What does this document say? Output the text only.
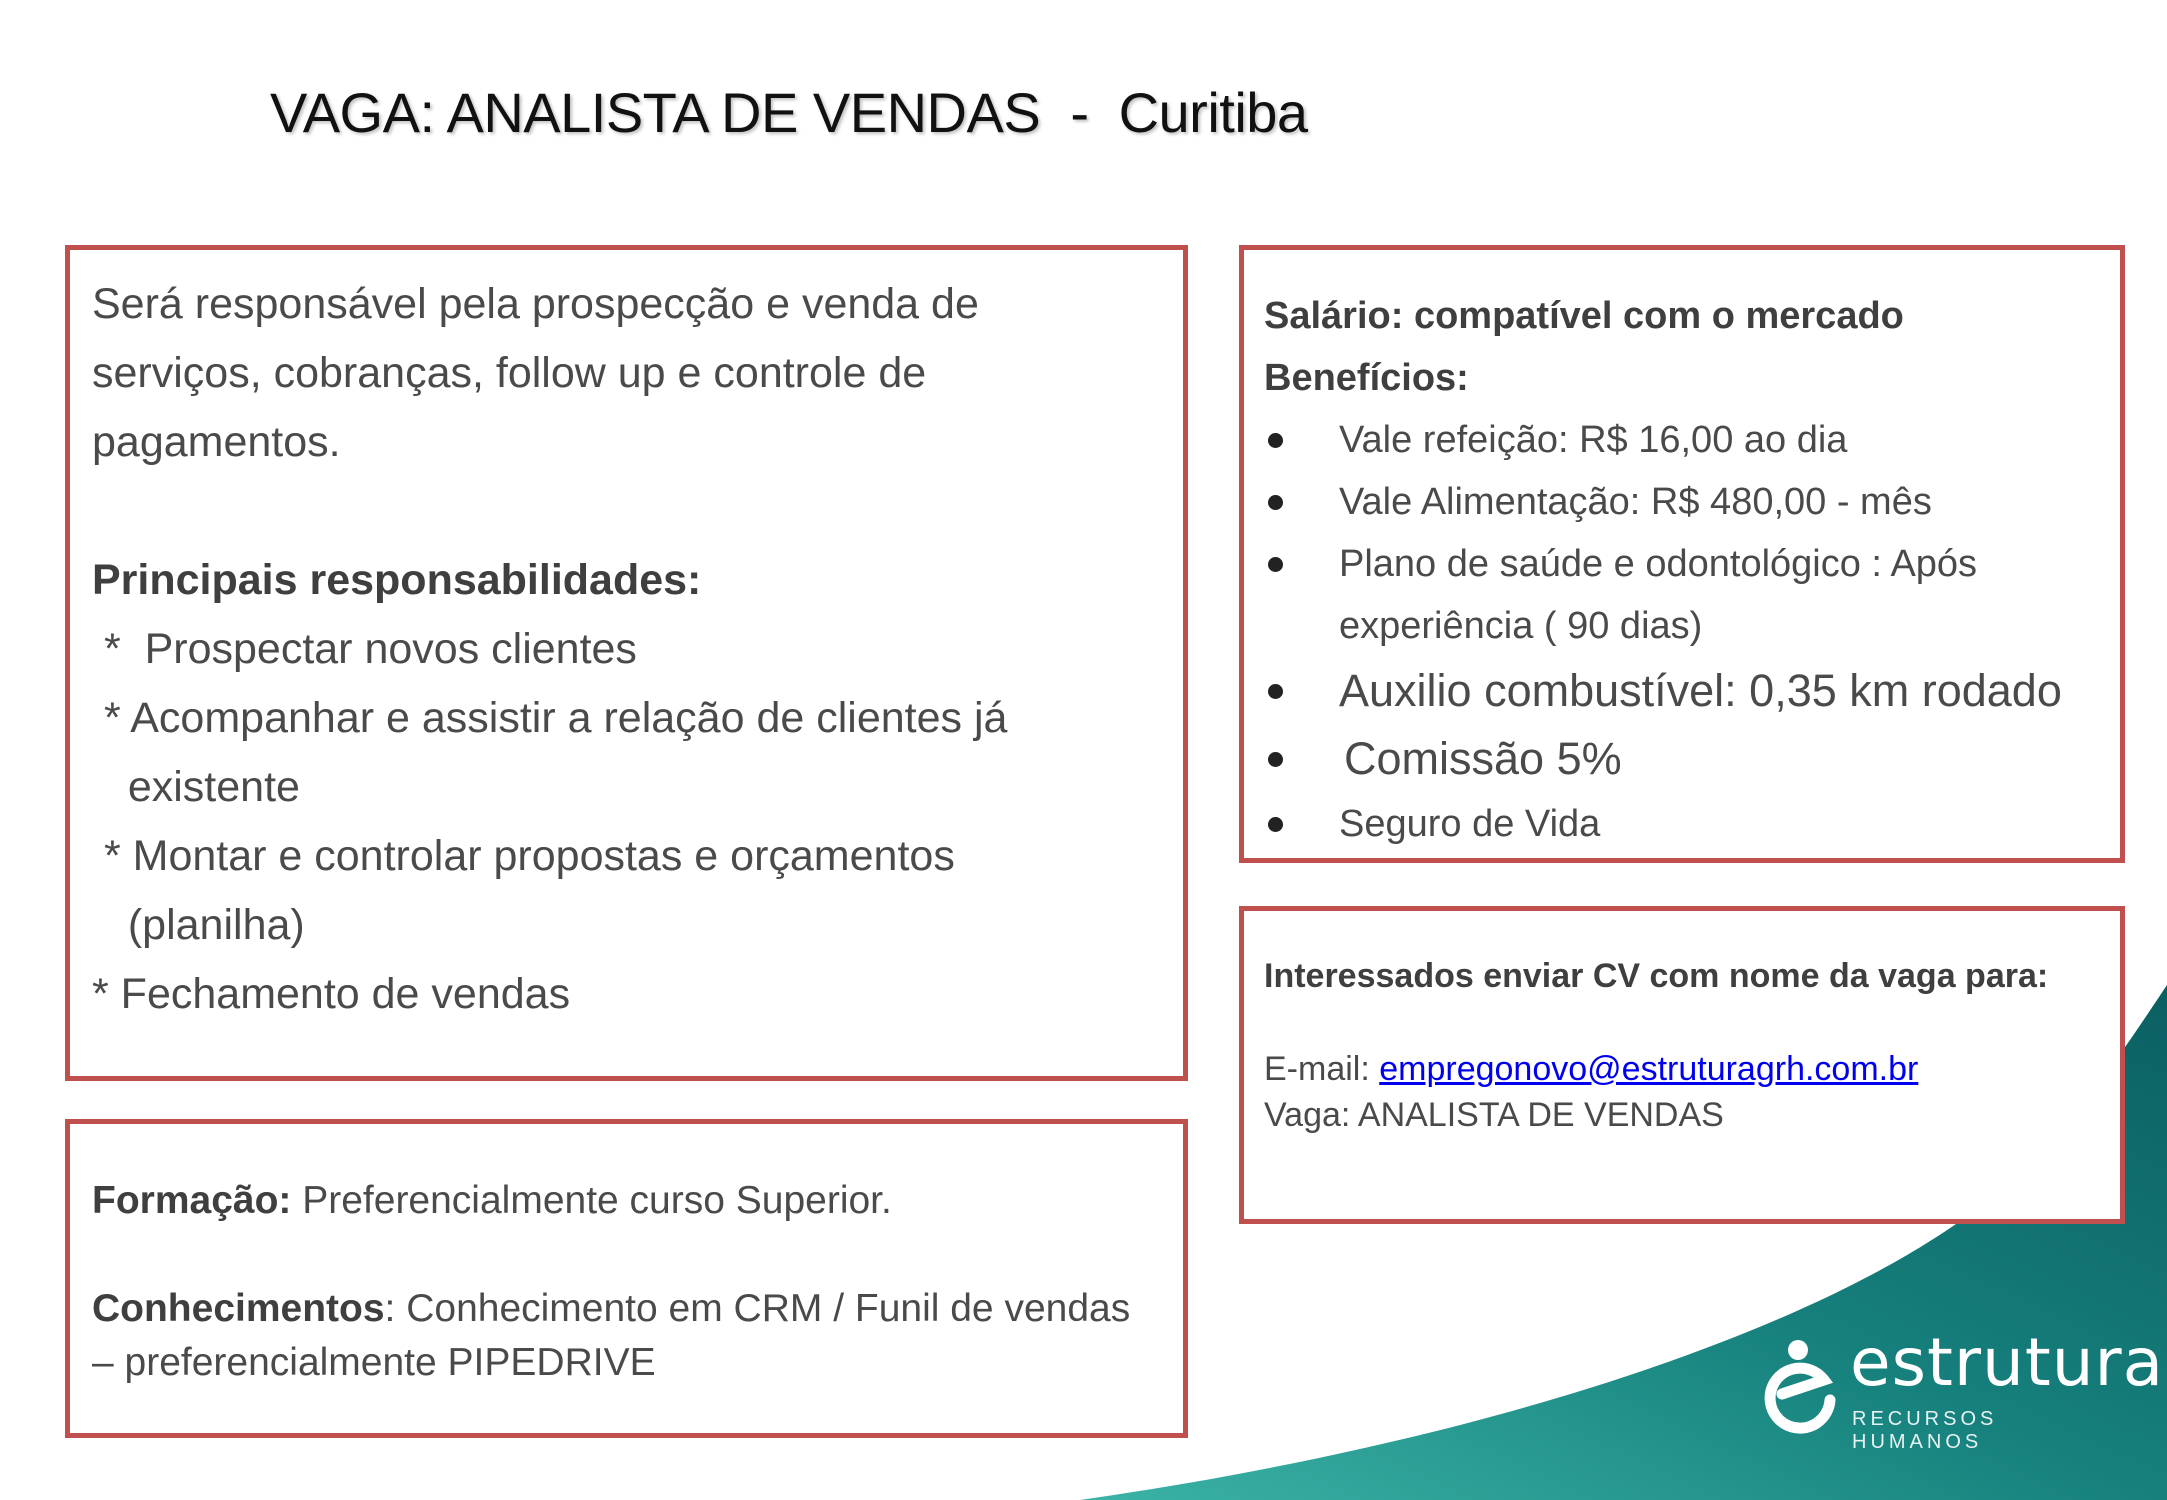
VAGA: ANALISTA DE VENDAS  -  Curitiba
Será responsável pela prospecção e venda de
serviços, cobranças, follow up e controle de
pagamentos.
Principais responsabilidades:
*  Prospectar novos clientes
* Acompanhar e assistir a relação de clientes já
existente
* Montar e controlar propostas e orçamentos
(planilha)
* Fechamento de vendas

Formação: Preferencialmente curso Superior.

Conhecimentos: Conhecimento em CRM / Funil de vendas

– preferencialmente PIPEDRIVE

Salário: compatível com o mercado
Benefícios:
Vale refeição: R$ 16,00 ao dia
Vale Alimentação: R$ 480,00 - mês
Plano de saúde e odontológico : Após experiência ( 90 dias)
Auxilio combustível: 0,35 km rodado
Comissão 5%
Seguro de Vida
Interessados enviar CV com nome da vaga para:
E-mail: empregonovo@estruturagrh.com.br
Vaga: ANALISTA DE VENDAS
estrutura
RECURSOS HUMANOS
